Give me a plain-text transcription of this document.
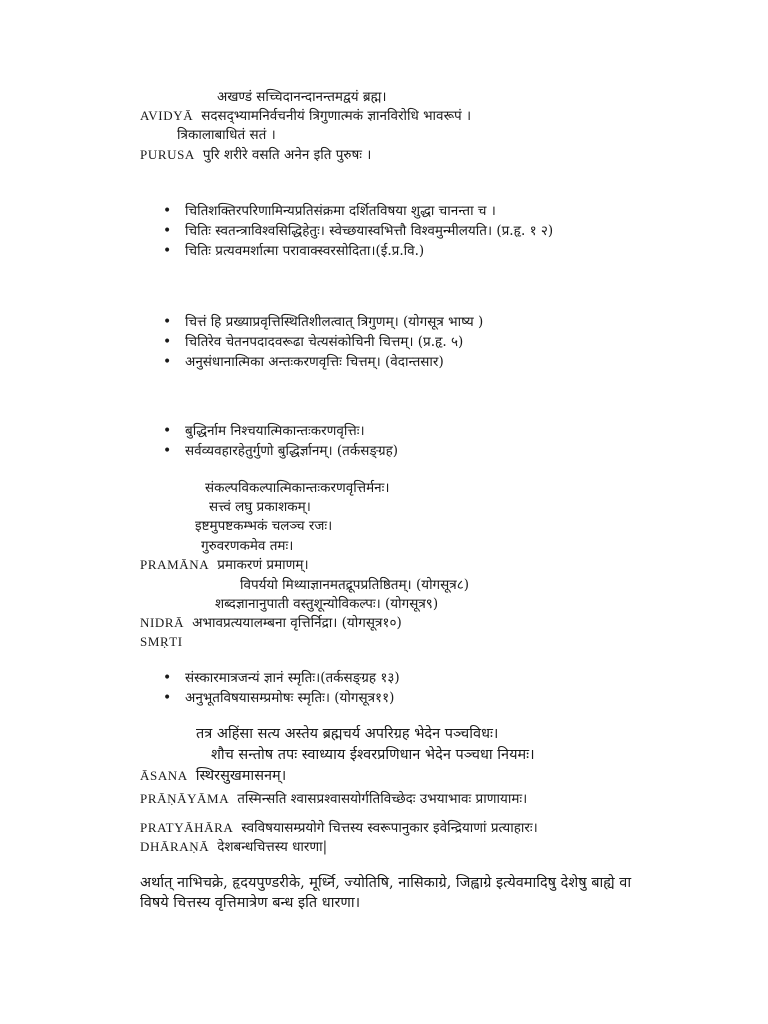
अखण्डं सच्चिदानन्दानन्तमद्वयं ब्रह्म।
AVIDYĀ सदसद्भ्यामनिर्वचनीयं त्रिगुणात्मकं ज्ञानविरोधि भावरूपं ।
त्रिकालाबाधितं सतं ।
PURUSA पुरि शरीरे वसति अनेन इति पुरुषः ।
• चितिशक्तिरपरिणामिन्यप्रतिसंक्रमा दर्शितविषया शुद्धा चानन्ता च ।
• चितिः स्वतन्त्राविश्वसिद्धिहेतुः। स्वेच्छयास्वभित्तौ विश्वमुन्मीलयति। (प्र.हृ. १ २)
• चितिः प्रत्यवमर्शात्मा परावाक्स्वरसोदिता।(ई.प्र.वि.)
• चित्तं हि प्रख्याप्रवृत्तिस्थितिशीलत्वात् त्रिगुणम्। (योगसूत्र भाष्य )
• चितिरेव चेतनपदादवरूढा चेत्यसंकोचिनी चित्तम्। (प्र.हृ. ५)
• अनुसंधानात्मिका अन्तःकरणवृत्तिः चित्तम्। (वेदान्तसार)
• बुद्धिर्नाम निश्चयात्मिकान्तःकरणवृत्तिः।
• सर्वव्यवहारहेतुर्गुणो बुद्धिर्ज्ञानम्। (तर्कसङ्ग्रह)
संकल्पविकल्पात्मिकान्तःकरणवृत्तिर्मनः।
सत्त्वं लघु प्रकाशकम्।
इष्टमुपष्टकम्भकं चलञ्च रजः।
गुरुवरणकमेव तमः।
PRAMĀNA प्रमाकरणं प्रमाणम्।
विपर्ययो मिथ्याज्ञानमतद्रूपप्रतिष्ठितम्। (योगसूत्र८)
शब्दज्ञानानुपाती वस्तुशून्योविकल्पः। (योगसूत्र९)
NIDRĀ अभावप्रत्ययालम्बना वृत्तिर्निद्रा। (योगसूत्र१०)
SMṚTI
• संस्कारमात्रजन्यं ज्ञानं स्मृतिः।(तर्कसङ्ग्रह १३)
• अनुभूतविषयासम्प्रमोषः स्मृतिः। (योगसूत्र११)
तत्र अहिंसा सत्य अस्तेय ब्रह्मचर्य अपरिग्रह भेदेन पञ्चविधः।
शौच सन्तोष तपः स्वाध्याय ईश्वरप्रणिधान भेदेन पञ्चधा नियमः।
ĀSANA स्थिरसुखमासनम्।
PRĀṆĀYĀMA तस्मिन्सति श्वासप्रश्वासयोर्गतिविच्छेदः उभयाभावः प्राणायामः।
PRATYĀHĀRA स्वविषयासम्प्रयोगे चित्तस्य स्वरूपानुकार इवेन्द्रियाणां प्रत्याहारः।
DHĀRAṆĀ देशबन्धचित्तस्य धारणा|
अर्थात् नाभिचक्रे, हृदयपुण्डरीके, मूर्ध्नि, ज्योतिषि, नासिकाग्रे, जिह्वाग्रे इत्येवमादिषु देशेषु बाह्ये वा
विषये चित्तस्य वृत्तिमात्रेण बन्ध इति धारणा।
